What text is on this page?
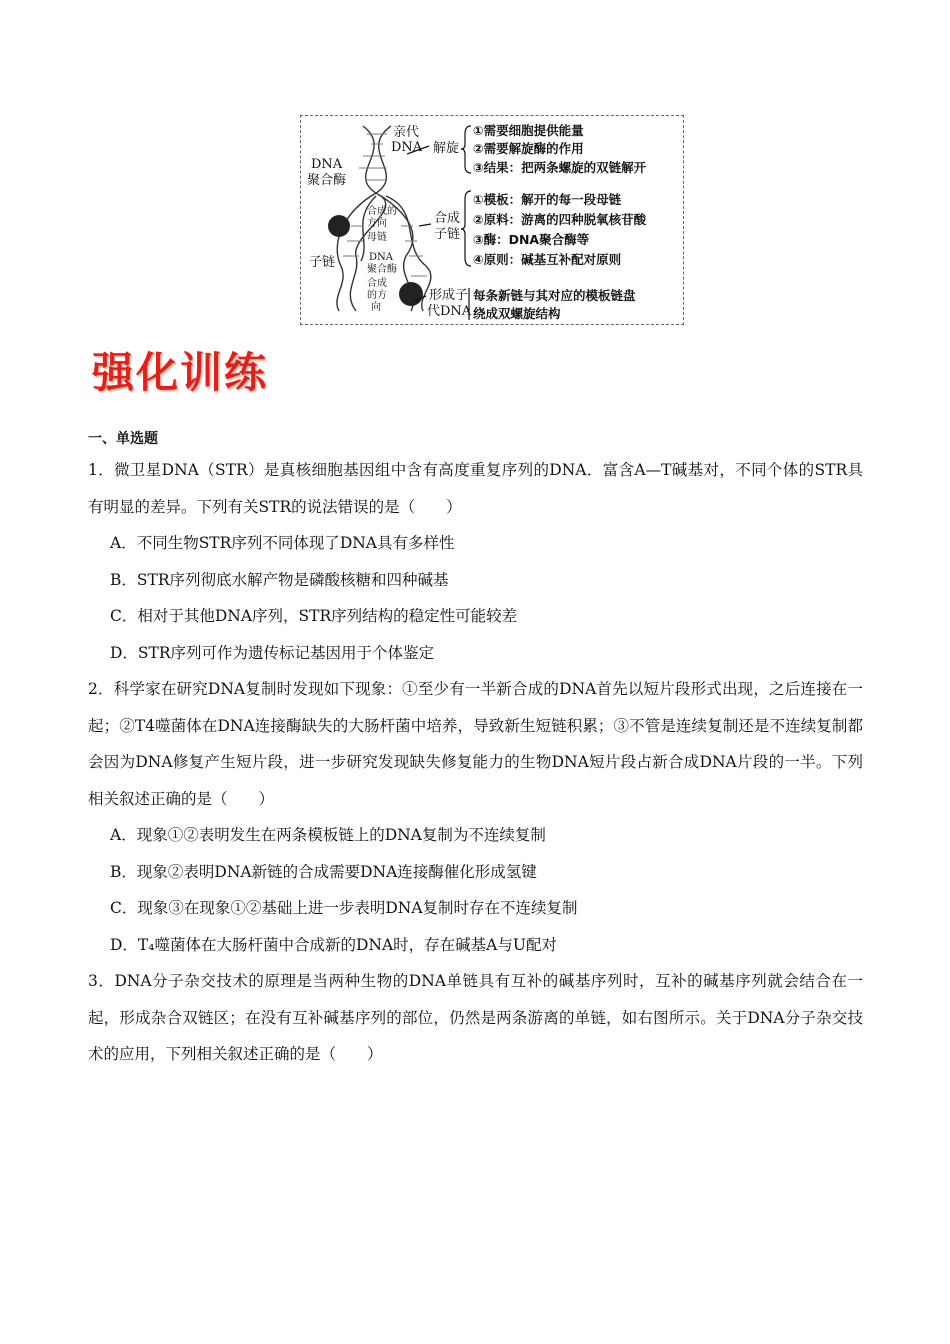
亲代
DNA
DNA
聚合酶
合成的
方向
母链
子链	DNA
聚合酶
合成
的方
向
解旋
合成
子链
形成子
代DNA
①需要细胞提供能量
②需要解旋酶的作用
③结果：把两条螺旋的双链解开
①模板：解开的每一段母链
②原料：游离的四种脱氧核苷酸
③酶：DNA聚合酶等
④原则：碱基互补配对原则
每条新链与其对应的模板链盘
绕成双螺旋结构
强化训练

一、单选题

1．微卫星DNA（STR）是真核细胞基因组中含有高度重复序列的DNA．富含A—T碱基对，不同个体的STR具有明显的差异。下列有关STR的说法错误的是（　　）

A．不同生物STR序列不同体现了DNA具有多样性

B．STR序列彻底水解产物是磷酸核糖和四种碱基

C．相对于其他DNA序列，STR序列结构的稳定性可能较差

D．STR序列可作为遗传标记基因用于个体鉴定

2．科学家在研究DNA复制时发现如下现象：①至少有一半新合成的DNA首先以短片段形式出现，之后连接在一起；②T4噬菌体在DNA连接酶缺失的大肠杆菌中培养，导致新生短链积累；③不管是连续复制还是不连续复制都会因为DNA修复产生短片段，进一步研究发现缺失修复能力的生物DNA短片段占新合成DNA片段的一半。下列相关叙述正确的是（　　）

A．现象①②表明发生在两条模板链上的DNA复制为不连续复制

B．现象②表明DNA新链的合成需要DNA连接酶催化形成氢键

C．现象③在现象①②基础上进一步表明DNA复制时存在不连续复制

D．T₄噬菌体在大肠杆菌中合成新的DNA时，存在碱基A与U配对

3．DNA分子杂交技术的原理是当两种生物的DNA单链具有互补的碱基序列时，互补的碱基序列就会结合在一起，形成杂合双链区；在没有互补碱基序列的部位，仍然是两条游离的单链，如右图所示。关于DNA分子杂交技术的应用，下列相关叙述正确的是（　　）
